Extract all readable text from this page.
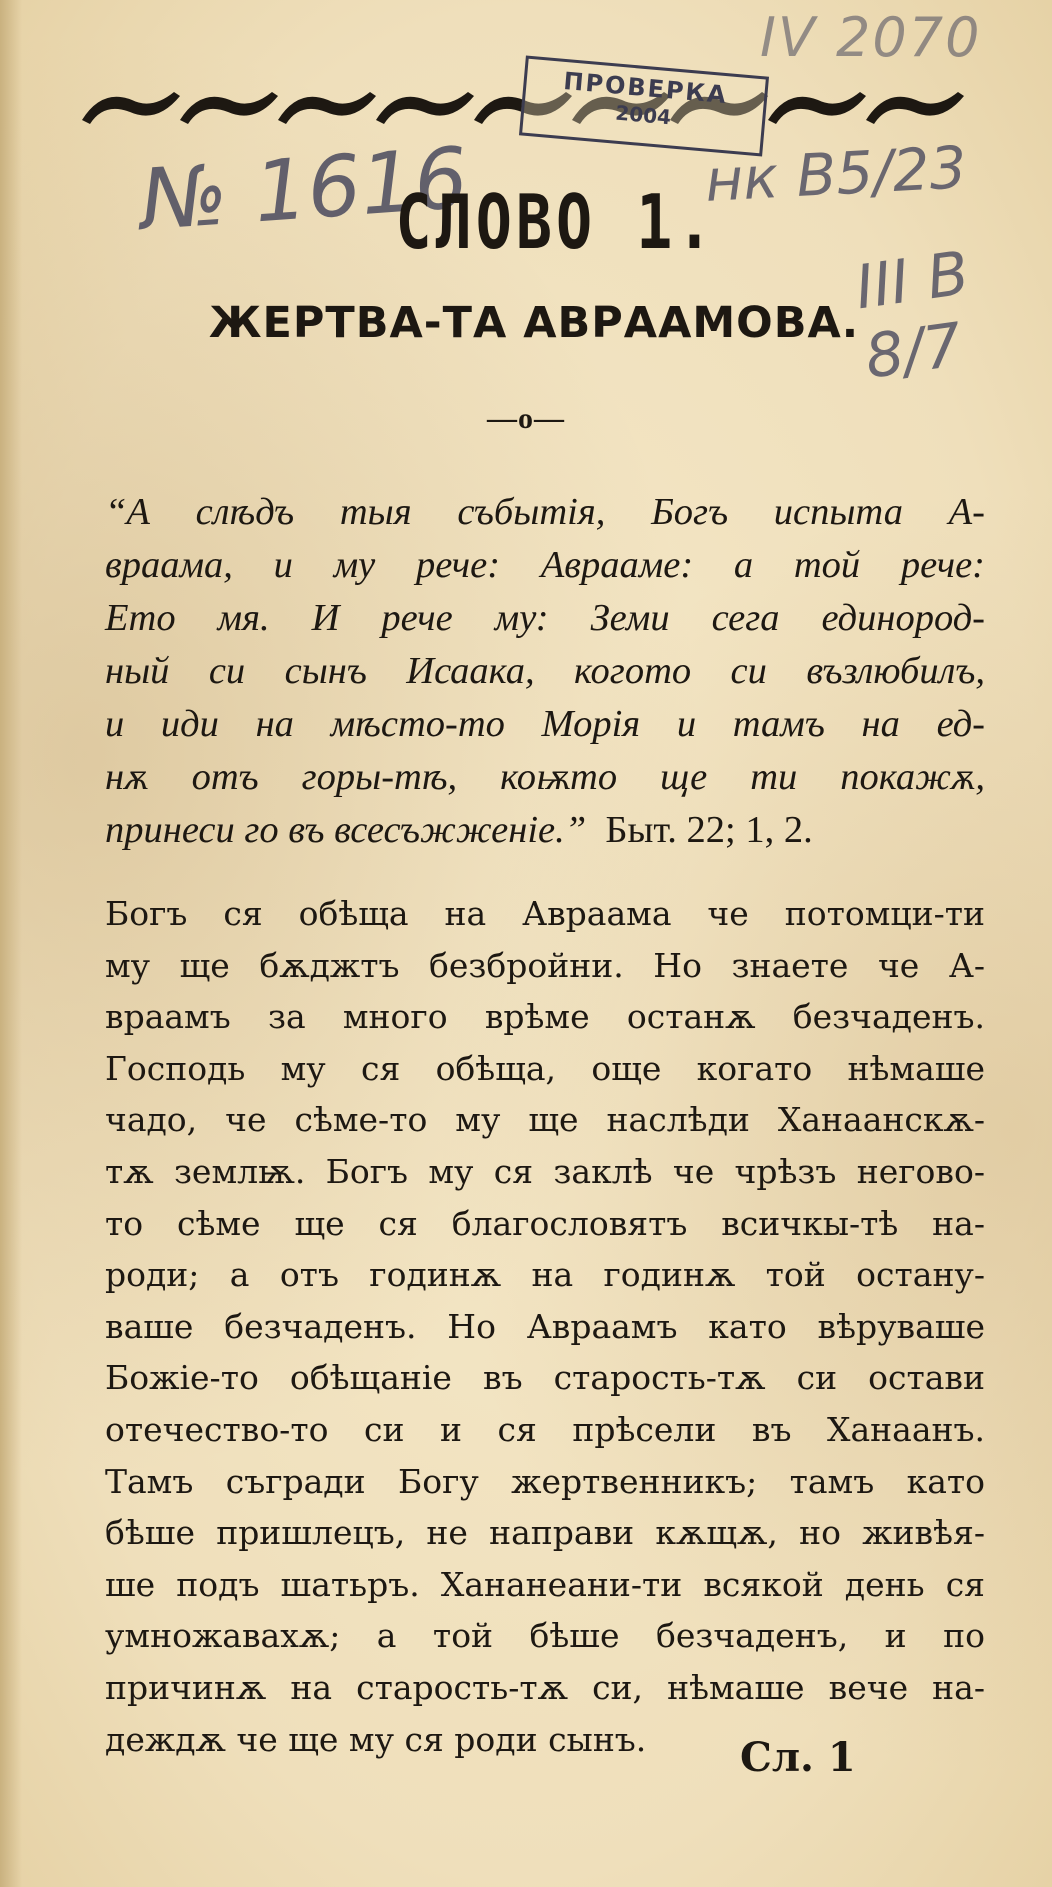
IV 2070
ПРОВЕРКА
2004
№ 1616	нк В5/23
III В 8/7
СЛОВО 1.
ЖЕРТВА-ТА АВРААМОВА.
—о—
“А слѣдъ тыя събытія, Богъ испыта А-
враама, и му рече: Аврааме: а той рече:
Ето мя. И рече му: Земи сега единород-
ный си сынъ Исаака, когото си възлюбилъ,
и иди на мѣсто-то Морія и тамъ на ед-
нѫ отъ горы-тѣ, коѭто ще ти покажѫ,
принеси го въ всесъжженіе.” Быт. 22; 1, 2.
Богъ ся обѣща на Авраама че потомци-ти
му ще бѫджтъ безбройни. Но знаете че А-
враамъ за много врѣме останѫ безчаденъ.
Господь му ся обѣща, още когато нѣмаше
чадо, че сѣме-то му ще наслѣди Ханаанскѫ-
тѫ землѭ. Богъ му ся заклѣ че чрѣзъ негово-
то сѣме ще ся благословятъ всичкы-тѣ на-
роди; а отъ годинѫ на годинѫ той остану-
ваше безчаденъ. Но Авраамъ като вѣруваше
Божіе-то обѣщаніе въ старость-тѫ си остави
отечество-то си и ся прѣсели въ Ханаанъ.
Тамъ съгради Богу жертвенникъ; тамъ като
бѣше пришлецъ, не направи кѫщѫ, но живѣя-
ше подъ шатьръ. Хананеани-ти всякой день ся
умножавахѫ; а той бѣше безчаденъ, и по
причинѫ на старость-тѫ си, нѣмаше вече на-
деждѫ че ще му ся роди сынъ.	Сл. 1
